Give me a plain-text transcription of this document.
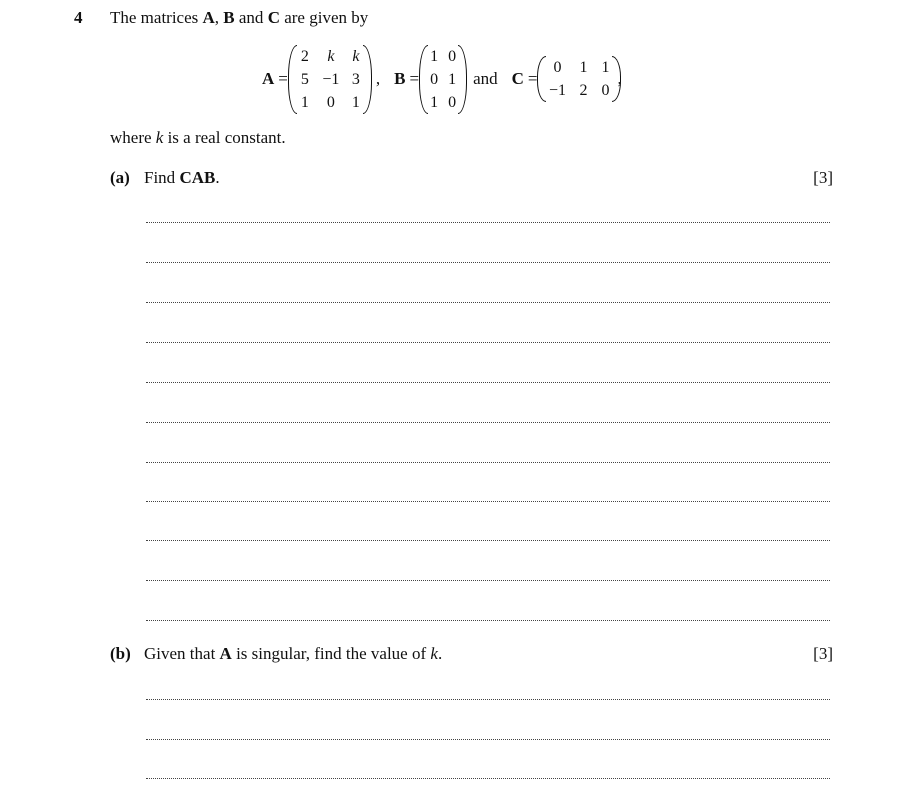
4 The matrices A, B and C are given by
A =
2	k	k
5 −1 3
1	0	1
, B =
1 0
0 1
1 0
and C =
0	1 1
−1 2 0
,
where k is a real constant.
(a) Find CAB.	[3]
(b) Given that A is singular, find the value of k.	[3]
